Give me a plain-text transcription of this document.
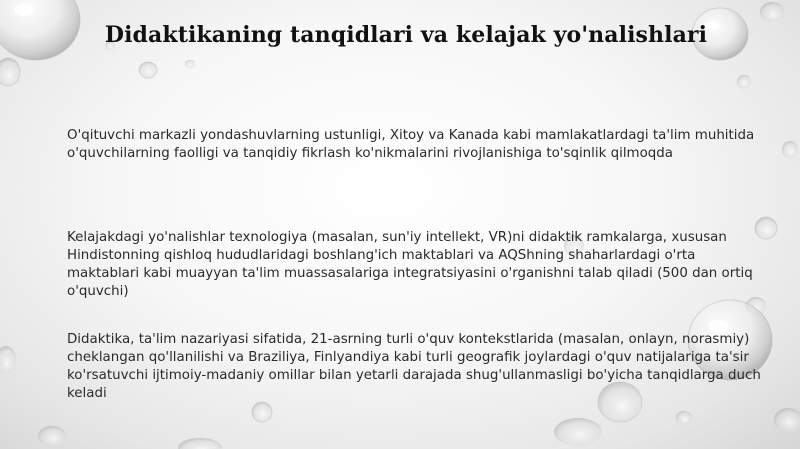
Didaktikaning tanqidlari va kelajak yo'nalishlari

O'qituvchi markazli yondashuvlarning ustunligi, Xitoy va Kanada kabi mamlakatlardagi ta'lim muhitida o'quvchilarning faolligi va tanqidiy fikrlash ko'nikmalarini rivojlanishiga to'sqinlik qilmoqda

Kelajakdagi yo'nalishlar texnologiya (masalan, sun'iy intellekt, VR)ni didaktik ramkalarga, xususan Hindistonning qishloq hududlaridagi boshlang'ich maktablari va AQShning shaharlardagi o'rta maktablari kabi muayyan ta'lim muassasalariga integratsiyasini o'rganishni talab qiladi (500 dan ortiq o'quvchi)

Didaktika, ta'lim nazariyasi sifatida, 21-asrning turli o'quv kontekstlarida (masalan, onlayn, norasmiy) cheklangan qo'llanilishi va Braziliya, Finlyandiya kabi turli geografik joylardagi o'quv natijalariga ta'sir ko'rsatuvchi ijtimoiy-madaniy omillar bilan yetarli darajada shug'ullanmasligi bo'yicha tanqidlarga duch keladi
